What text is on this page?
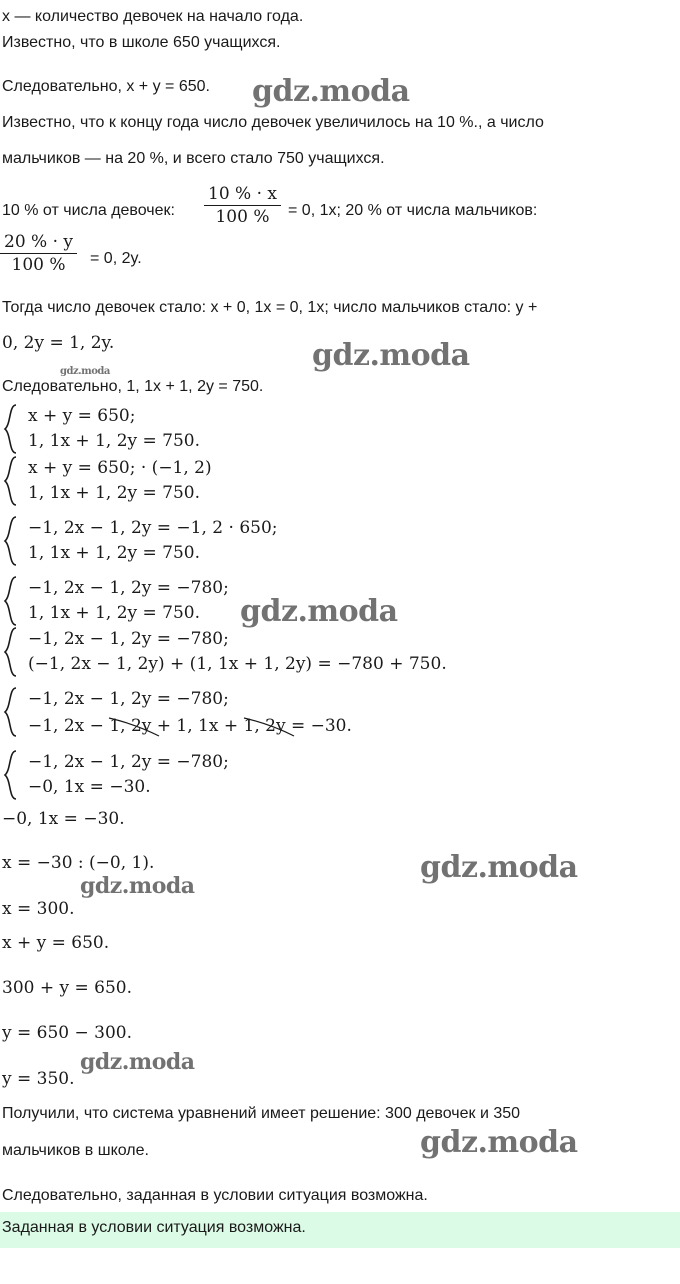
x — количество девочек на начало года.
Известно, что в школе 650 учащихся.
Следовательно, x + y = 650.
Известно, что к концу года число девочек увеличилось на 10 %., а число
мальчиков — на 20 %, и всего стало 750 учащихся.
10 % от числа девочек:
10 % · x
100 %	= 0, 1x; 20 % от числа мальчиков:
20 % · y
100 %	= 0, 2y.
Тогда число девочек стало: x + 0, 1x = 0, 1x; число мальчиков стало: y +
0, 2y = 1, 2y.
Следовательно, 1, 1x + 1, 2y = 750.
x + y = 650;
1, 1x + 1, 2y = 750.
x + y = 650; · (−1, 2)
1, 1x + 1, 2y = 750.
−1, 2x − 1, 2y = −1, 2 · 650;
1, 1x + 1, 2y = 750.
−1, 2x − 1, 2y = −780;
1, 1x + 1, 2y = 750.
−1, 2x − 1, 2y = −780;
(−1, 2x − 1, 2y) + (1, 1x + 1, 2y) = −780 + 750.
−1, 2x − 1, 2y = −780;
−1, 2x − 1, 2y
+ 1, 1x + 1, 2y
= −30.
−1, 2x − 1, 2y = −780;
−0, 1x = −30.
−0, 1x = −30.
x = −30 : (−0, 1).
x = 300.
x + y = 650.
300 + y = 650.
y = 650 − 300.
y = 350.
Получили, что система уравнений имеет решение: 300 девочек и 350
мальчиков в школе.
Следовательно, заданная в условии ситуация возможна.
Заданная в условии ситуация возможна.
gdz.moda
gdz.moda
gdz.moda
gdz.moda
gdz.moda
gdz.moda
gdz.moda
gdz.moda
